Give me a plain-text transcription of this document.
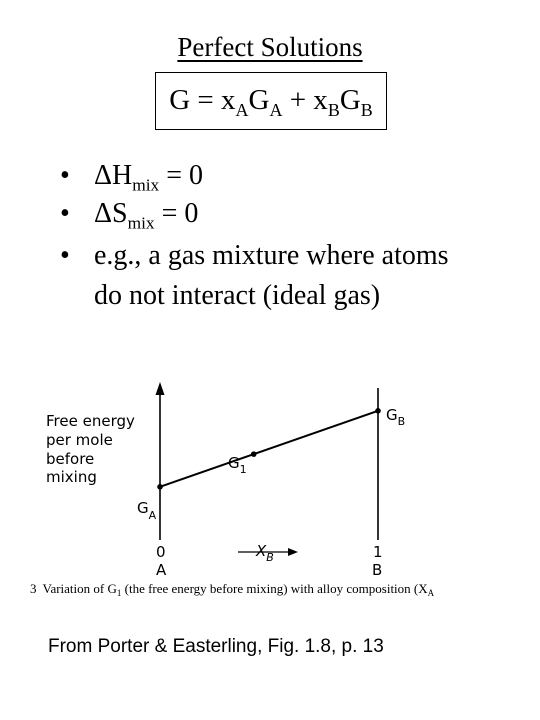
Perfect Solutions
$G = x_AG_A + x_BG_B$
• $\Delta H_{mix} = 0$
• $\Delta S_{mix} = 0$
• e.g., a gas mixture where atoms
do not interact (ideal gas)
Free energy
per mole
before
mixing
$G_A$
$G_1$
$G_B$
0
A
1
B
$X_B$
3 Variation of $G_1$ (the free energy before mixing) with alloy composition ($X_A$
From Porter & Easterling, Fig. 1.8, p. 13
